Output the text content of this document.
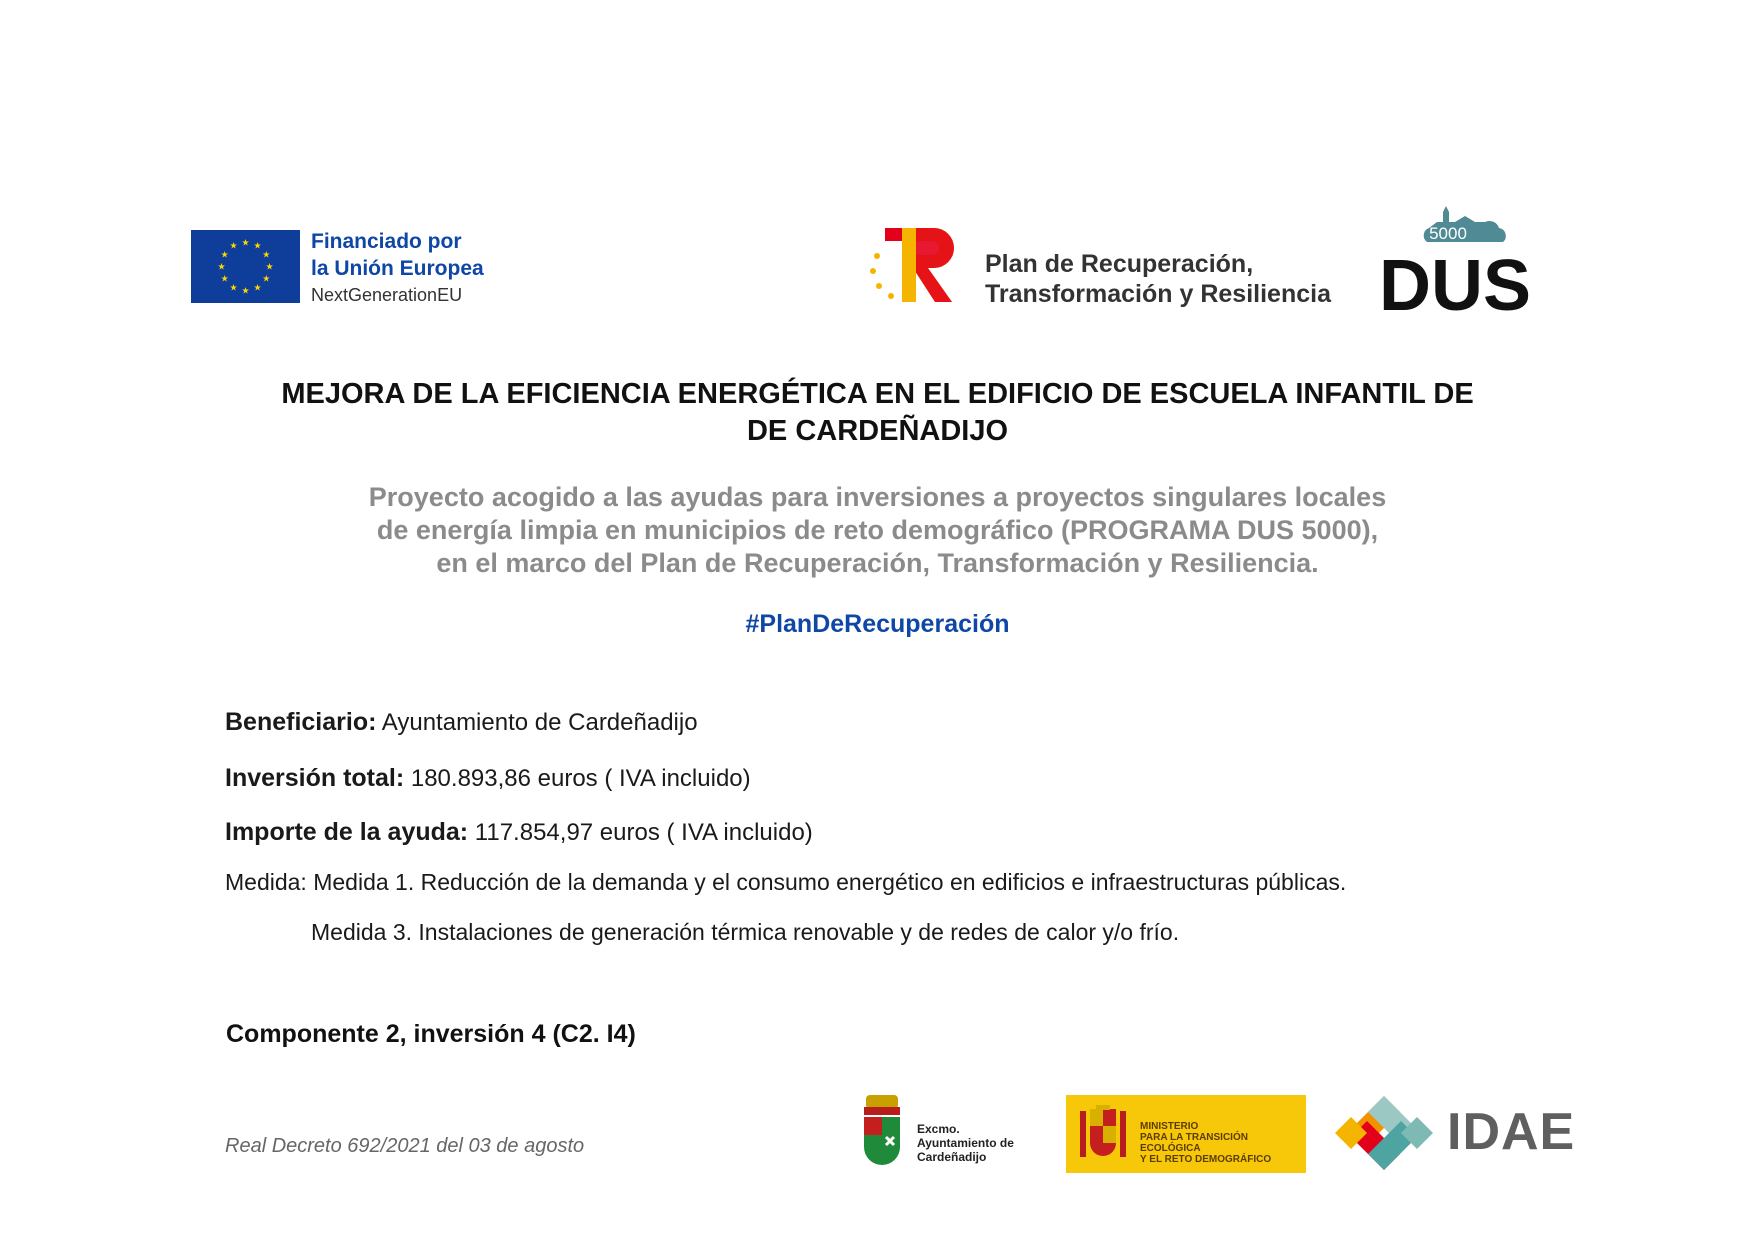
★
★
★
★
★
★
★
★
★ ★ ★
★
Financiado por
la Unión Europea
NextGenerationEU
Plan de Recuperación,
Transformación y Resiliencia
5000
DUS
MEJORA DE LA EFICIENCIA ENERGÉTICA EN EL EDIFICIO DE ESCUELA INFANTIL DE
DE CARDEÑADIJO
Proyecto acogido a las ayudas para inversiones a proyectos singulares locales
de energía limpia en municipios de reto demográfico (PROGRAMA DUS 5000),
en el marco del Plan de Recuperación, Transformación y Resiliencia.
#PlanDeRecuperación
Beneficiario: Ayuntamiento de Cardeñadijo
Inversión total: 180.893,86 euros ( IVA incluido)
Importe de la ayuda: 117.854,97 euros ( IVA incluido)
Medida: Medida 1. Reducción de la demanda y el consumo energético en edificios e infraestructuras públicas.
Medida 3. Instalaciones de generación térmica renovable y de redes de calor y/o frío.
Componente 2, inversión 4 (C2. I4)
Real Decreto 692/2021 del 03 de agosto
Excmo.
Ayuntamiento de
Cardeñadijo
MINISTERIO
PARA LA TRANSICIÓN ECOLÓGICA
Y EL RETO DEMOGRÁFICO	IDAE
